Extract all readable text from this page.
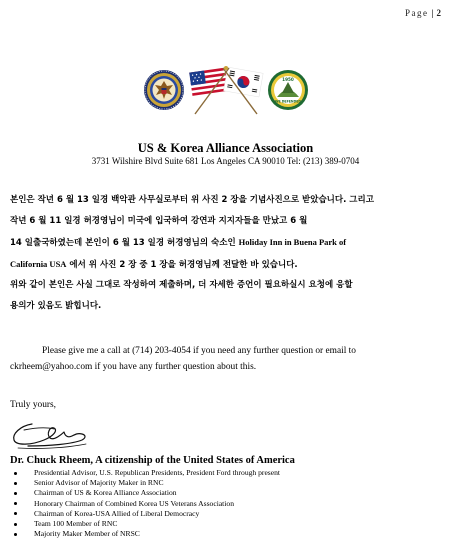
Page | 2
1950
WE DEFENDED
US & Korea Alliance Association
3731 Wilshire Blvd Suite 681 Los Angeles CA 90010 Tel: (213) 389-0704
본인은 작년 6 월 13 일경 백악관 사무실로부터 위 사진 2 장을 기념사진으로 받았습니다. 그리고
작년 6 월 11 일경 허경영님이 미국에 입국하여 강연과 지지자들을 만났고 6 월
14 일출국하였는데 본인이 6 월 13 일경 허경영님의 숙소인 Holiday Inn in Buena Park of
California USA 에서 위 사진 2 장 중 1 장을 허경영님께 전달한 바 있습니다.
위와 같이 본인은 사실 그대로 작성하여 제출하며, 더 자세한 증언이 필요하실시 요청에 응할
용의가 있음도 밝힙니다.
Please give me a call at (714) 203-4054 if you need any further question or email to
ckrheem@yahoo.com if you have any further question about this.
Truly yours,
Dr. Chuck Rheem, A citizenship of the United States of America
Presidential Advisor, U.S. Republican Presidents, President Ford through present
Senior Advisor of Majority Maker in RNC
Chairman of US & Korea Alliance Association
Honorary Chairman of Combined Korea US Veterans Association
Chairman of Korea-USA Allied of Liberal Democracy
Team 100 Member of RNC
Majority Maker Member of NRSC
